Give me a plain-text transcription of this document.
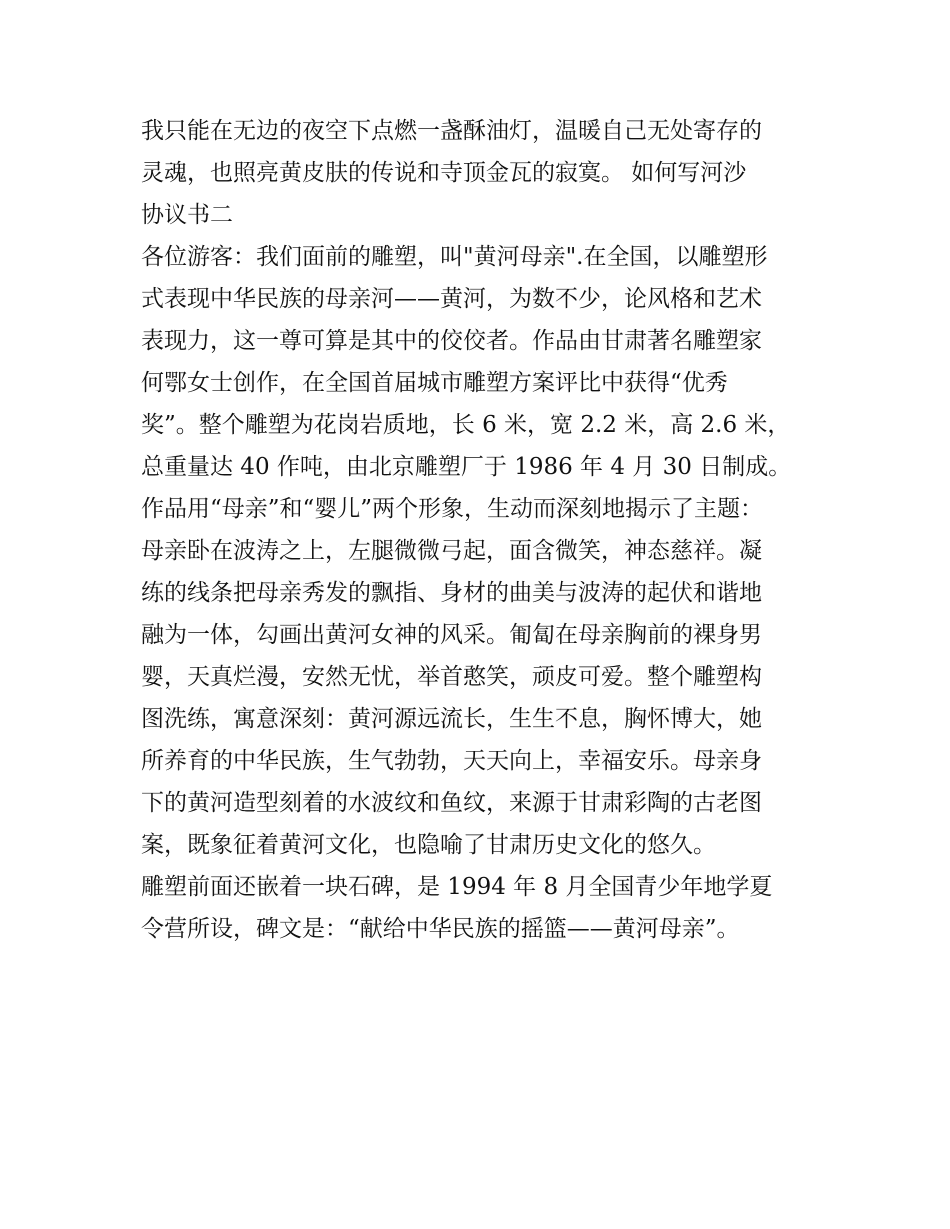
我只能在无边的夜空下点燃一盏酥油灯，温暖自己无处寄存的
灵魂，也照亮黄皮肤的传说和寺顶金瓦的寂寞。 如何写河沙
协议书二
各位游客：我们面前的雕塑，叫"黄河母亲".在全国，以雕塑形
式表现中华民族的母亲河——黄河，为数不少，论风格和艺术
表现力，这一尊可算是其中的佼佼者。作品由甘肃著名雕塑家
何鄂女士创作，在全国首届城市雕塑方案评比中获得“优秀
奖”。整个雕塑为花岗岩质地，长 6 米，宽 2.2 米，高 2.6 米，
总重量达 40 作吨，由北京雕塑厂于 1986 年 4 月 30 日制成。
作品用“母亲”和“婴儿”两个形象，生动而深刻地揭示了主题：
母亲卧在波涛之上，左腿微微弓起，面含微笑，神态慈祥。凝
练的线条把母亲秀发的飘指、身材的曲美与波涛的起伏和谐地
融为一体，勾画出黄河女神的风采。匍匐在母亲胸前的裸身男
婴，天真烂漫，安然无忧，举首憨笑，顽皮可爱。整个雕塑构
图洗练，寓意深刻：黄河源远流长，生生不息，胸怀博大，她
所养育的中华民族，生气勃勃，天天向上，幸福安乐。母亲身
下的黄河造型刻着的水波纹和鱼纹，来源于甘肃彩陶的古老图
案，既象征着黄河文化，也隐喻了甘肃历史文化的悠久。
雕塑前面还嵌着一块石碑，是 1994 年 8 月全国青少年地学夏
令营所设，碑文是：“献给中华民族的摇篮——黄河母亲”。
